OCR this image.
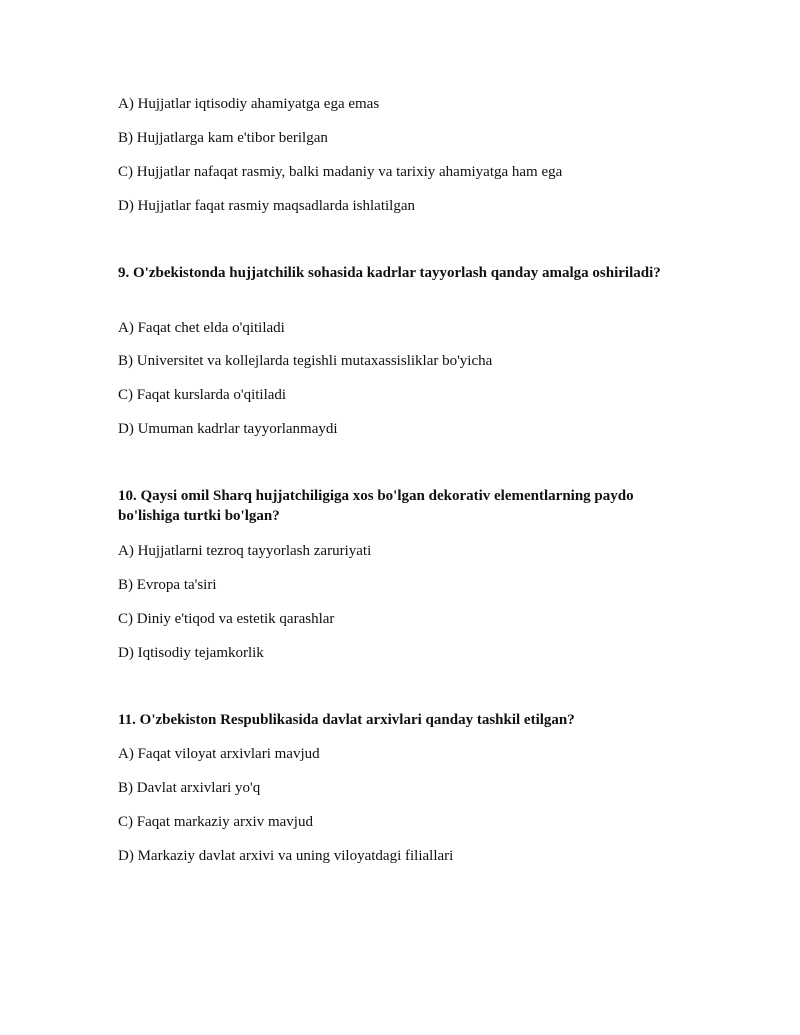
A) Hujjatlar iqtisodiy ahamiyatga ega emas
B) Hujjatlarga kam e'tibor berilgan
C) Hujjatlar nafaqat rasmiy, balki madaniy va tarixiy ahamiyatga ham ega
D) Hujjatlar faqat rasmiy maqsadlarda ishlatilgan
9. O'zbekistonda hujjatchilik sohasida kadrlar tayyorlash qanday amalga oshiriladi?
A) Faqat chet elda o'qitiladi
B) Universitet va kollejlarda tegishli mutaxassisliklar bo'yicha
C) Faqat kurslarda o'qitiladi
D) Umuman kadrlar tayyorlanmaydi
10. Qaysi omil Sharq hujjatchiligiga xos bo'lgan dekorativ elementlarning paydo bo'lishiga turtki bo'lgan?
A) Hujjatlarni tezroq tayyorlash zaruriyati
B) Evropa ta'siri
C) Diniy e'tiqod va estetik qarashlar
D) Iqtisodiy tejamkorlik
11. O'zbekiston Respublikasida davlat arxivlari qanday tashkil etilgan?
A) Faqat viloyat arxivlari mavjud
B) Davlat arxivlari yo'q
C) Faqat markaziy arxiv mavjud
D) Markaziy davlat arxivi va uning viloyatdagi filiallari
